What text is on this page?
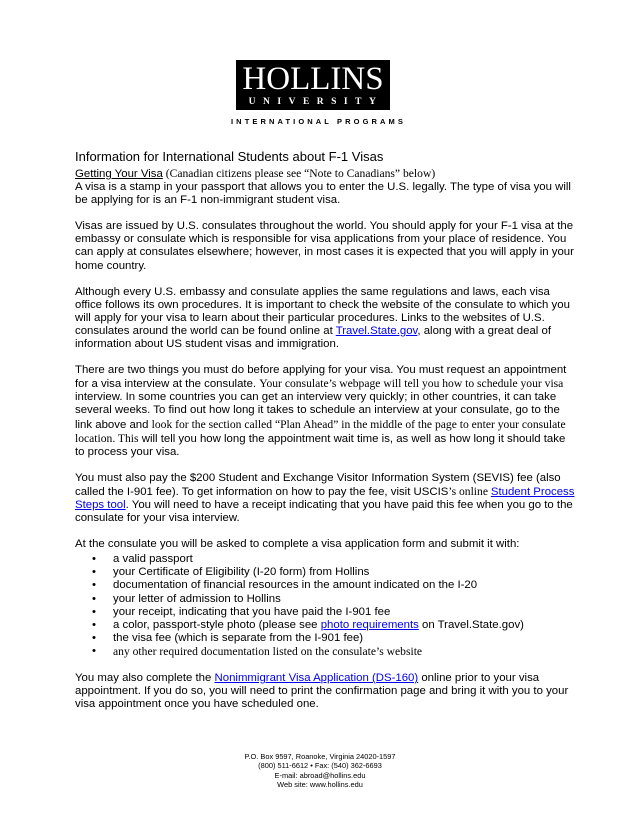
HOLLINS
UNIVERSITY
INTERNATIONAL PROGRAMS
Information for International Students about F-1 Visas

Getting Your Visa (Canadian citizens please see “Note to Canadians” below)
A visa is a stamp in your passport that allows you to enter the U.S. legally. The type of visa you will be applying for is an F-1 non-immigrant student visa.

Visas are issued by U.S. consulates throughout the world. You should apply for your F-1 visa at the embassy or consulate which is responsible for visa applications from your place of residence. You can apply at consulates elsewhere; however, in most cases it is expected that you will apply in your home country.

Although every U.S. embassy and consulate applies the same regulations and laws, each visa office follows its own procedures. It is important to check the website of the consulate to which you will apply for your visa to learn about their particular procedures. Links to the websites of U.S. consulates around the world can be found online at Travel.State.gov, along with a great deal of information about US student visas and immigration.

There are two things you must do before applying for your visa. You must request an appointment for a visa interview at the consulate. Your consulate’s webpage will tell you how to schedule your visa interview. In some countries you can get an interview very quickly; in other countries, it can take several weeks. To find out how long it takes to schedule an interview at your consulate, go to the link above and look for the section called “Plan Ahead” in the middle of the page to enter your consulate location. This will tell you how long the appointment wait time is, as well as how long it should take to process your visa.

You must also pay the $200 Student and Exchange Visitor Information System (SEVIS) fee (also called the I-901 fee). To get information on how to pay the fee, visit USCIS’s online Student Process Steps tool. You will need to have a receipt indicating that you have paid this fee when you go to the consulate for your visa interview.

At the consulate you will be asked to complete a visa application form and submit it with:
• a valid passport
• your Certificate of Eligibility (I-20 form) from Hollins
• documentation of financial resources in the amount indicated on the I-20
• your letter of admission to Hollins
• your receipt, indicating that you have paid the I-901 fee
• a color, passport-style photo (please see photo requirements on Travel.State.gov)
• the visa fee (which is separate from the I-901 fee)
• any other required documentation listed on the consulate’s website

You may also complete the Nonimmigrant Visa Application (DS-160) online prior to your visa appointment. If you do so, you will need to print the confirmation page and bring it with you to your visa appointment once you have scheduled one.

P.O. Box 9597, Roanoke, Virginia 24020-1597
(800) 511-6612 • Fax: (540) 362-6693
E-mail: abroad@hollins.edu
Web site: www.hollins.edu
